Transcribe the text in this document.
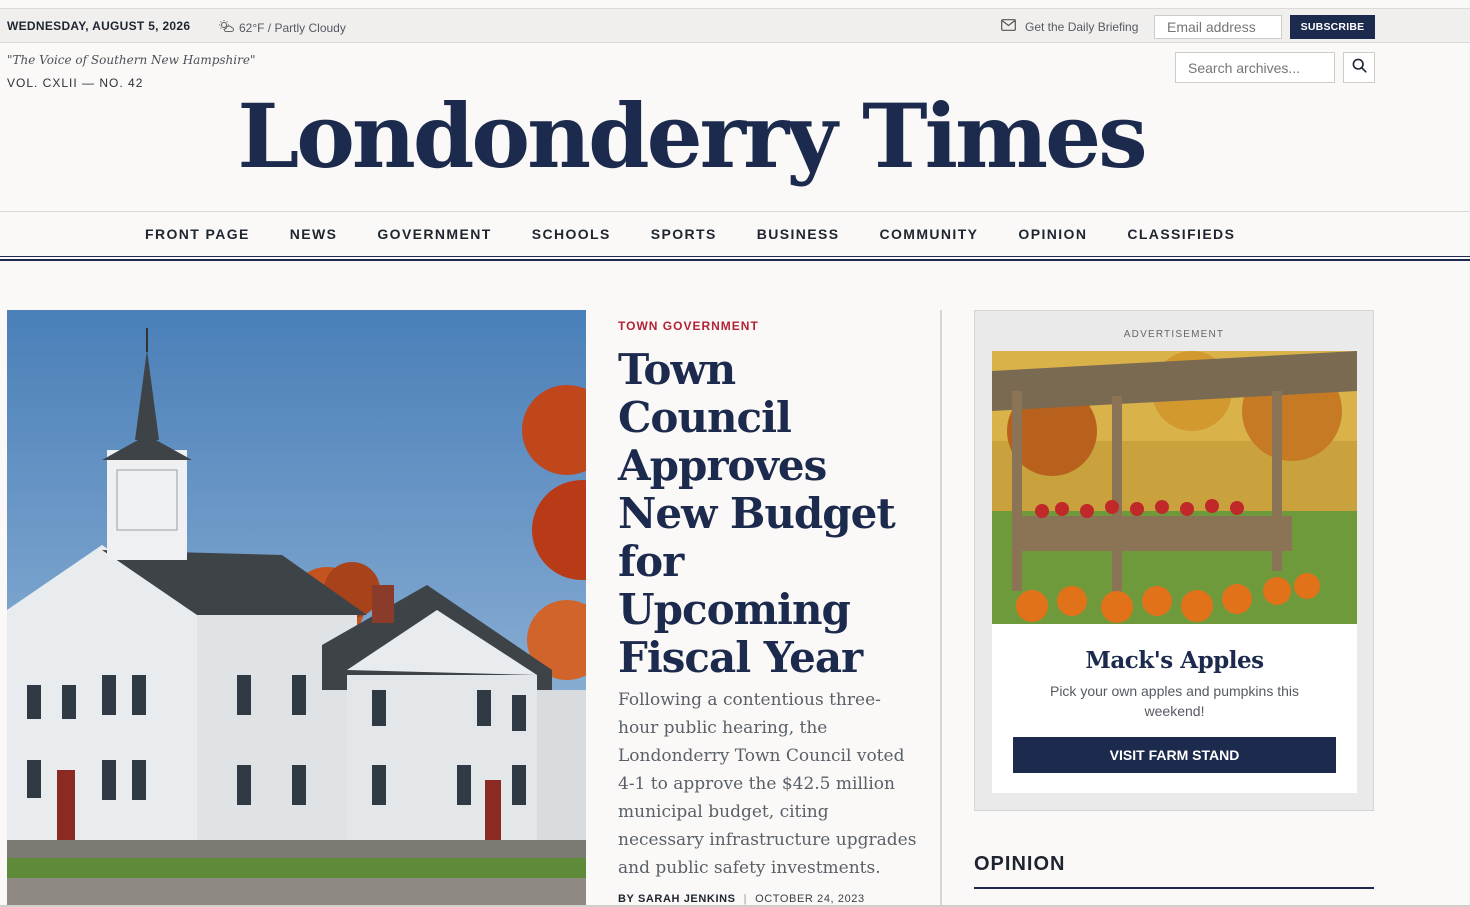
WEDNESDAY, AUGUST 5, 2026	62°F / Partly Cloudy	Get the Daily Briefing
Email address	SUBSCRIBE
"The Voice of Southern New Hampshire"
VOL. CXLII — NO. 42
Search archives...
Londonderry Times
FRONT PAGE	NEWS	GOVERNMENT	SCHOOLS	SPORTS	BUSINESS	COMMUNITY	OPINION	CLASSIFIEDS
TOWN GOVERNMENT
Town Council Approves New Budget for Upcoming Fiscal Year
Following a contentious three-hour public hearing, the Londonderry Town Council voted 4-1 to approve the $42.5 million municipal budget, citing necessary infrastructure upgrades and public safety investments.
BY SARAH JENKINS | OCTOBER 24, 2023
ADVERTISEMENT
Mack's Apples
Pick your own apples and pumpkins this weekend!
VISIT FARM STAND
OPINION
